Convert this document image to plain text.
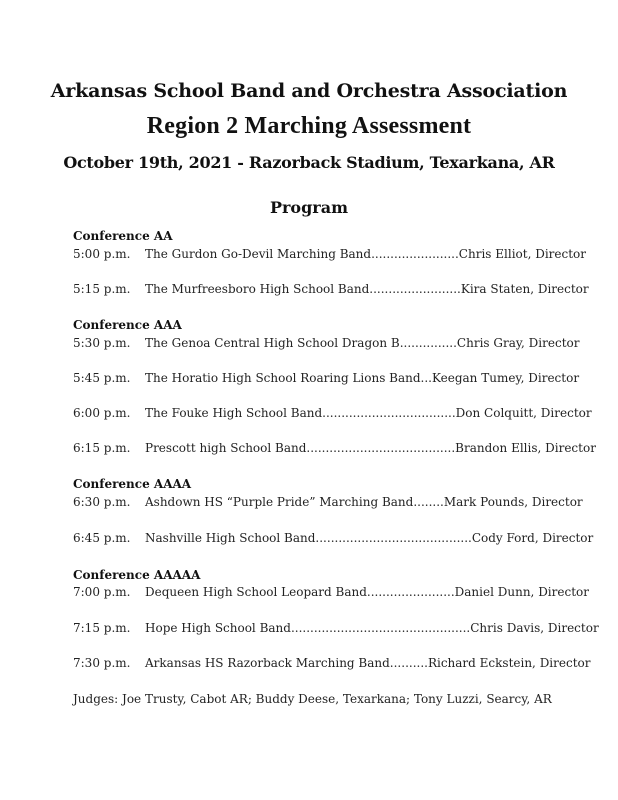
Arkansas School Band and Orchestra Association
Region 2 Marching Assessment
October 19th, 2021 - Razorback Stadium, Texarkana, AR
Program
Conference AA
5:00 p.m. The Gurdon Go-Devil Marching Band.......................Chris Elliot, Director
5:15 p.m. The Murfreesboro High School Band........................Kira Staten, Director
Conference AAA
5:30 p.m. The Genoa Central High School Dragon B...............Chris Gray, Director
5:45 p.m. The Horatio High School Roaring Lions Band...Keegan Tumey, Director
6:00 p.m. The Fouke High School Band...................................Don Colquitt, Director
6:15 p.m. Prescott high School Band.......................................Brandon Ellis, Director
Conference AAAA
6:30 p.m. Ashdown HS “Purple Pride” Marching Band........Mark Pounds, Director
6:45 p.m. Nashville High School Band.........................................Cody Ford, Director
Conference AAAAA
7:00 p.m. Dequeen High School Leopard Band.......................Daniel Dunn, Director
7:15 p.m. Hope High School Band...............................................Chris Davis, Director
7:30 p.m. Arkansas HS Razorback Marching Band..........Richard Eckstein, Director
Judges: Joe Trusty, Cabot AR; Buddy Deese, Texarkana; Tony Luzzi, Searcy, AR
